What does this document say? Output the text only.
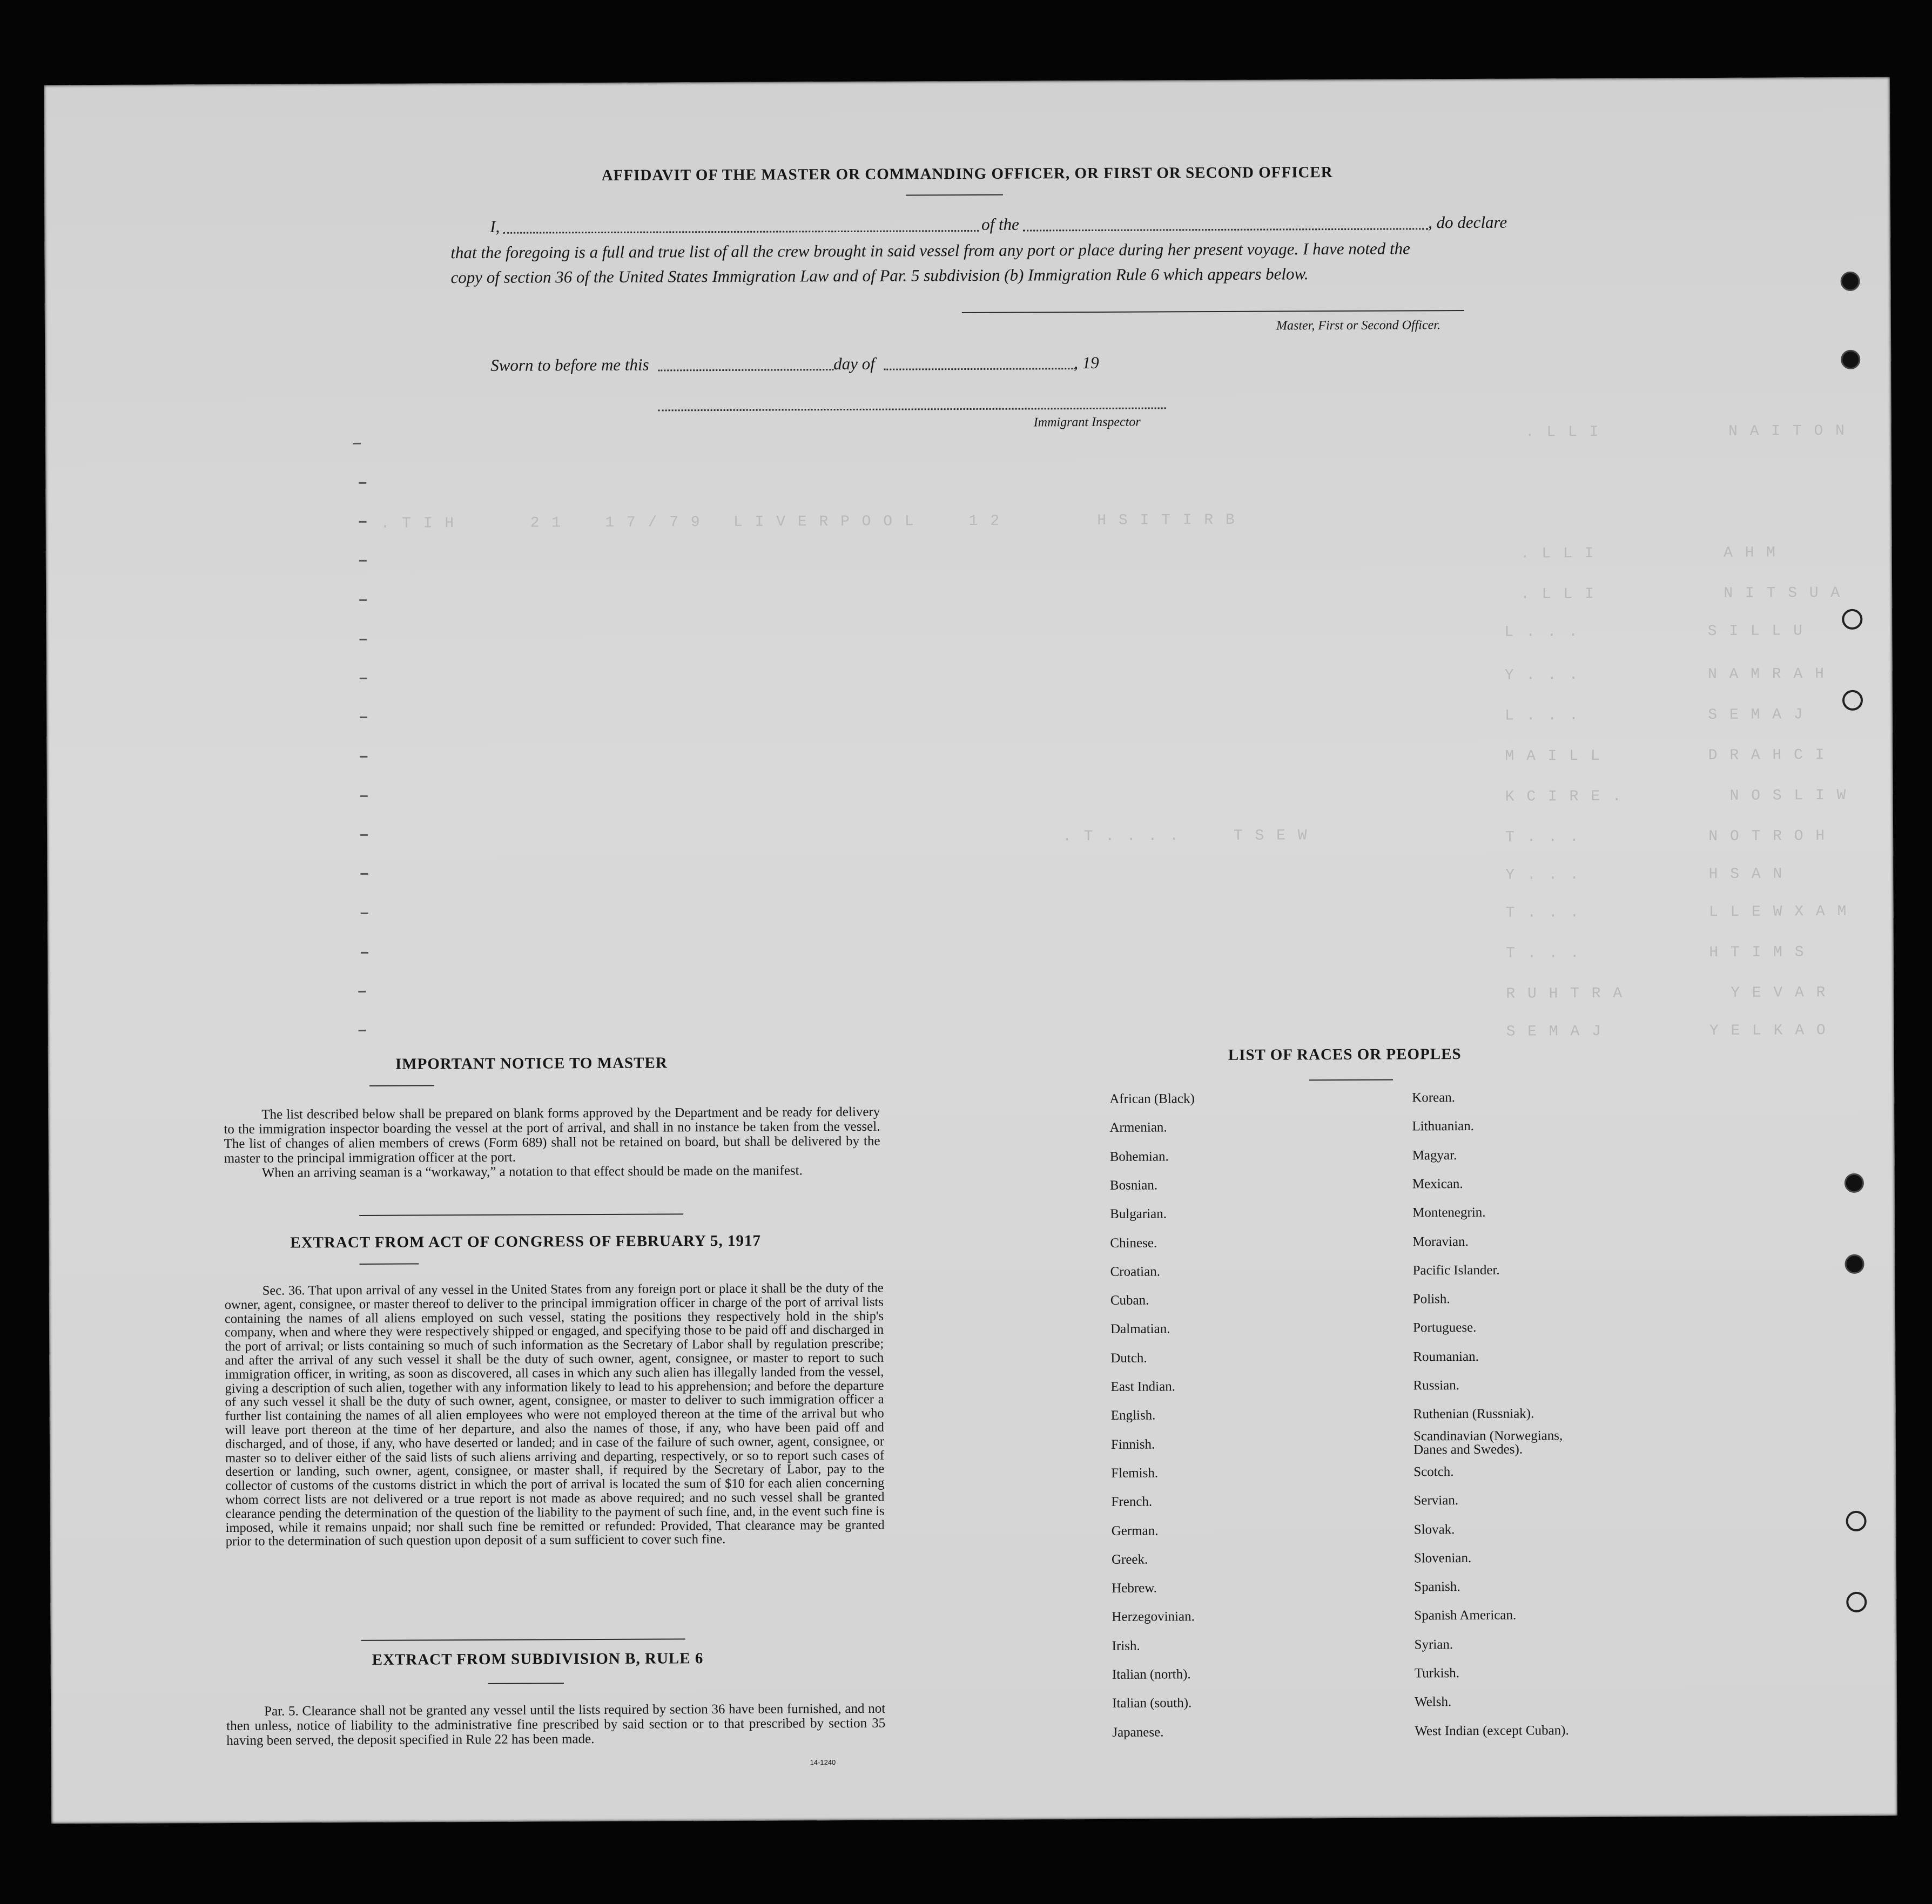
. L L I            N A I T O N
. L L I            A H M
. L L I            N I T S U A
L . . .            S I L L U
Y . . .            N A M R A H
L . . .            S E M A J
M A I L L          D R A H C I
K C I R E .          N O S L I W
T . . .            N O T R O H
. T . . . .     T S E W
. T I H       2 1    1 7 / 7 9   L I V E R P O O L     1 2         H S I T I R B
Y . . .            H S A N
T . . .            L L E W X A M
T . . .            H T I M S
R U H T R A          Y E V A R
S E M A J          Y E L K A O
AFFIDAVIT OF THE MASTER OR COMMANDING OFFICER, OR FIRST OR SECOND OFFICER
I,	of the	, do declare
that the foregoing is a full and true list of all the crew brought in said vessel from any port or place during her present voyage. I have noted the
copy of section 36 of the United States Immigration Law and of Par. 5 subdivision (b) Immigration Rule 6 which appears below.
Master, First or Second Officer.
Sworn to before me this	day of	, 19
Immigrant Inspector
IMPORTANT NOTICE TO MASTER

The list described below shall be prepared on blank forms approved by the Department and be ready for delivery to the immigration inspector boarding the vessel at the port of arrival, and shall in no instance be taken from the vessel. The list of changes of alien members of crews (Form 689) shall not be retained on board, but shall be delivered by the master to the principal immigration officer at the port.

When an arriving seaman is a “workaway,” a notation to that effect should be made on the manifest.

EXTRACT FROM ACT OF CONGRESS OF FEBRUARY 5, 1917

Sec. 36. That upon arrival of any vessel in the United States from any foreign port or place it shall be the duty of the owner, agent, consignee, or master thereof to deliver to the principal immigration officer in charge of the port of arrival lists containing the names of all aliens employed on such vessel, stating the positions they respectively hold in the ship's company, when and where they were respectively shipped or engaged, and specifying those to be paid off and discharged in the port of arrival; or lists containing so much of such information as the Secretary of Labor shall by regulation prescribe; and after the arrival of any such vessel it shall be the duty of such owner, agent, consignee, or master to report to such immigration officer, in writing, as soon as discovered, all cases in which any such alien has illegally landed from the vessel, giving a description of such alien, together with any information likely to lead to his apprehension; and before the departure of any such vessel it shall be the duty of such owner, agent, consignee, or master to deliver to such immigration officer a further list containing the names of all alien employees who were not employed thereon at the time of the arrival but who will leave port thereon at the time of her departure, and also the names of those, if any, who have been paid off and discharged, and of those, if any, who have deserted or landed; and in case of the failure of such owner, agent, consignee, or master so to deliver either of the said lists of such aliens arriving and departing, respectively, or so to report such cases of desertion or landing, such owner, agent, consignee, or master shall, if required by the Secretary of Labor, pay to the collector of customs of the customs district in which the port of arrival is located the sum of $10 for each alien concerning whom correct lists are not delivered or a true report is not made as above required; and no such vessel shall be granted clearance pending the determination of the question of the liability to the payment of such fine, and, in the event such fine is imposed, while it remains unpaid; nor shall such fine be remitted or refunded: Provided, That clearance may be granted prior to the determination of such question upon deposit of a sum sufficient to cover such fine.

EXTRACT FROM SUBDIVISION B, RULE 6

Par. 5. Clearance shall not be granted any vessel until the lists required by section 36 have been furnished, and not then unless, notice of liability to the administrative fine prescribed by said section or to that prescribed by section 35 having been served, the deposit specified in Rule 22 has been made.

14-1240
LIST OF RACES OR PEOPLES
African (Black)
Armenian.
Bohemian.
Bosnian.
Bulgarian.
Chinese.
Croatian.
Cuban.
Dalmatian.
Dutch.
East Indian.
English.
Finnish.
Flemish.
French.
German.
Greek.
Hebrew.
Herzegovinian.
Irish.
Italian (north).
Italian (south).
Japanese.
Korean.
Lithuanian.
Magyar.
Mexican.
Montenegrin.
Moravian.
Pacific Islander.
Polish.
Portuguese.
Roumanian.
Russian.
Ruthenian (Russniak).
Scandinavian (Norwegians, Danes and Swedes).
Scotch.
Servian.
Slovak.
Slovenian.
Spanish.
Spanish American.
Syrian.
Turkish.
Welsh.
West Indian (except Cuban).
